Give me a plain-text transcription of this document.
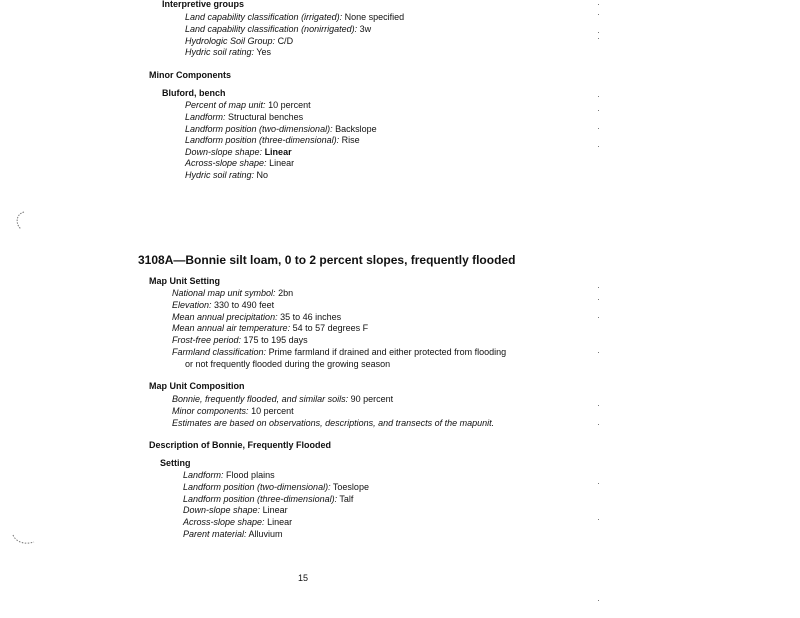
Interpretive groups
Land capability classification (irrigated): None specified
Land capability classification (nonirrigated): 3w
Hydrologic Soil Group: C/D
Hydric soil rating: Yes
Minor Components
Bluford, bench
Percent of map unit: 10 percent
Landform: Structural benches
Landform position (two-dimensional): Backslope
Landform position (three-dimensional): Rise
Down-slope shape: Linear
Across-slope shape: Linear
Hydric soil rating: No
3108A—Bonnie silt loam, 0 to 2 percent slopes, frequently flooded
Map Unit Setting
National map unit symbol: 2bn
Elevation: 330 to 490 feet
Mean annual precipitation: 35 to 46 inches
Mean annual air temperature: 54 to 57 degrees F
Frost-free period: 175 to 195 days
Farmland classification: Prime farmland if drained and either protected from flooding
or not frequently flooded during the growing season
Map Unit Composition
Bonnie, frequently flooded, and similar soils: 90 percent
Minor components: 10 percent
Estimates are based on observations, descriptions, and transects of the mapunit.
Description of Bonnie, Frequently Flooded
Setting
Landform: Flood plains
Landform position (two-dimensional): Toeslope
Landform position (three-dimensional): Talf
Down-slope shape: Linear
Across-slope shape: Linear
Parent material: Alluvium
15
